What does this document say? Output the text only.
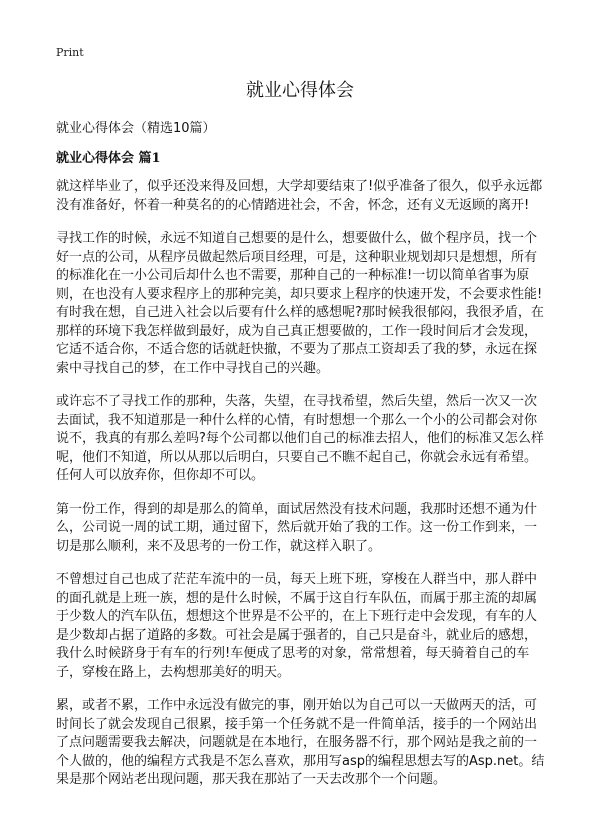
Print
就业心得体会
就业心得体会（精选10篇）
就业心得体会 篇1

就这样毕业了，似乎还没来得及回想，大学却要结束了!似乎准备了很久，似乎永远都没有准备好，怀着一种莫名的的心情踏进社会，不舍，怀念，还有义无返顾的离开!

寻找工作的时候，永远不知道自己想要的是什么，想要做什么，做个程序员，找一个好一点的公司，从程序员做起然后项目经理，可是，这种职业规划却只是想想，所有的标准化在一小公司后却什么也不需要，那种自己的一种标准!一切以简单省事为原则，在也没有人要求程序上的那种完美，却只要求上程序的快速开发，不会要求性能!有时我在想，自己进入社会以后要有什么样的感想呢?那时候我很郁闷，我很矛盾，在那样的环境下我怎样做到最好，成为自己真正想要做的，工作一段时间后才会发现，它适不适合你，不适合您的话就赶快撤，不要为了那点工资却丢了我的梦，永远在探索中寻找自己的梦，在工作中寻找自己的兴趣。

或许忘不了寻找工作的那种，失落，失望，在寻找希望，然后失望，然后一次又一次去面试，我不知道那是一种什么样的心情，有时想想一个那么一个小的公司都会对你说不，我真的有那么差吗?每个公司都以他们自己的标准去招人，他们的标准又怎么样呢，他们不知道，所以从那以后明白，只要自己不瞧不起自己，你就会永远有希望。任何人可以放弃你，但你却不可以。

第一份工作，得到的却是那么的简单，面试居然没有技术问题，我那时还想不通为什么，公司说一周的试工期，通过留下，然后就开始了我的工作。这一份工作到来，一切是那么顺利，来不及思考的一份工作，就这样入职了。

不曾想过自己也成了茫茫车流中的一员，每天上班下班，穿梭在人群当中，那人群中的面孔就是上班一族，想的是什么时候，不属于这自行车队伍，而属于那主流的却属于少数人的汽车队伍，想想这个世界是不公平的，在上下班行走中会发现，有车的人是少数却占据了道路的多数。可社会是属于强者的，自己只是奋斗，就业后的感想，我什么时候跻身于有车的行列!车便成了思考的对象，常常想着，每天骑着自己的车子，穿梭在路上，去构想那美好的明天。

累，或者不累，工作中永远没有做完的事，刚开始以为自己可以一天做两天的活，可时间长了就会发现自己很累，接手第一个任务就不是一件简单活，接手的一个网站出了点问题需要我去解决，问题就是在本地行，在服务器不行，那个网站是我之前的一个人做的，他的编程方式我是不怎么喜欢，那用写asp的编程思想去写的Asp.net。结果是那个网站老出现问题，那天我在那站了一天去改那个一个问题。
